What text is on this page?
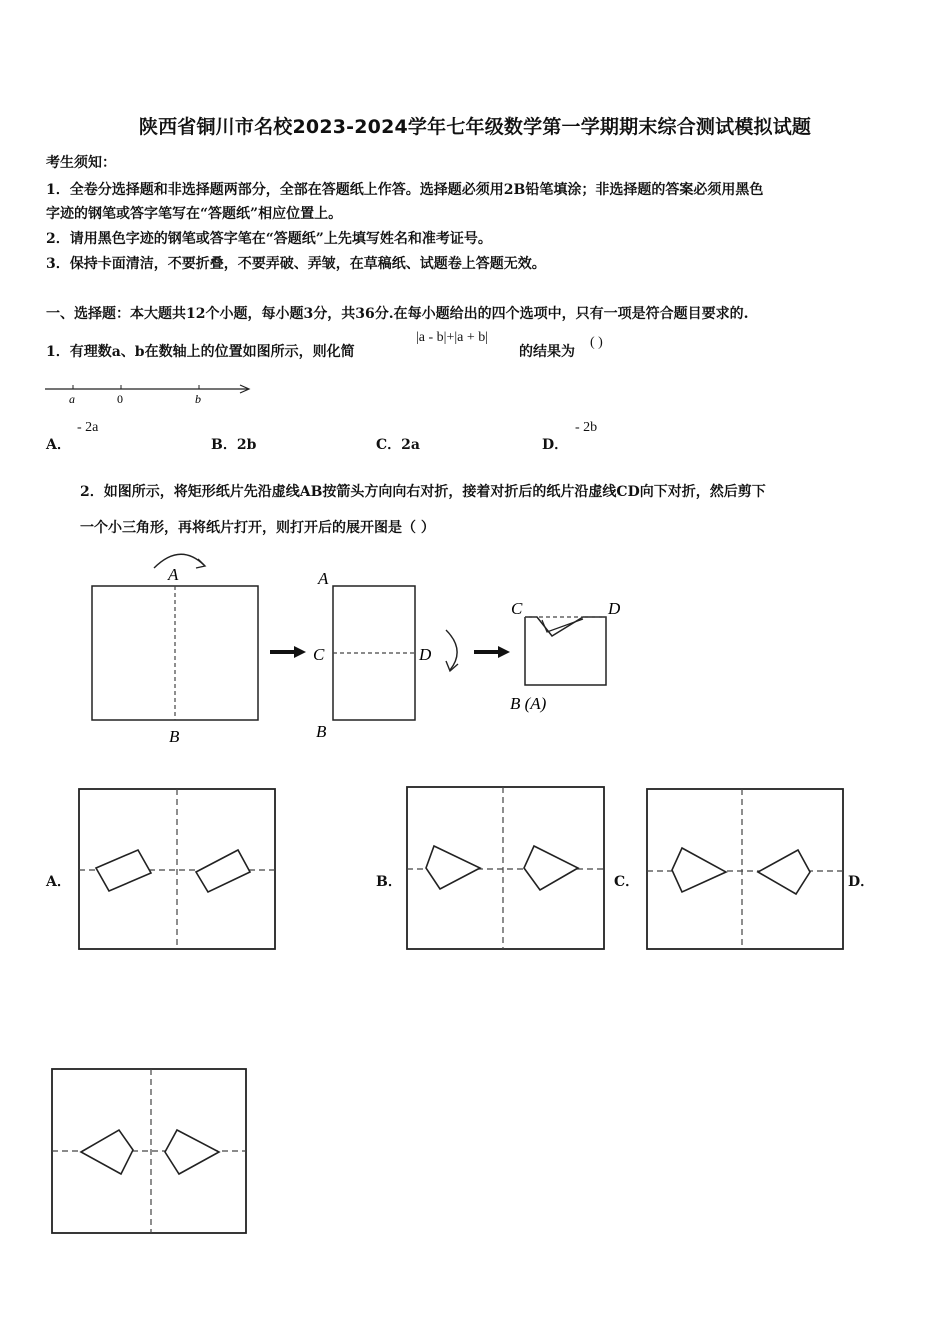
陕西省铜川市名校2023-2024学年七年级数学第一学期期末综合测试模拟试题
考生须知：
1．全卷分选择题和非选择题两部分，全部在答题纸上作答。选择题必须用2B铅笔填涂；非选择题的答案必须用黑色
字迹的钢笔或答字笔写在“答题纸”相应位置上。
2．请用黑色字迹的钢笔或答字笔在“答题纸”上先填写姓名和准考证号。
3．保持卡面清洁，不要折叠，不要弄破、弄皱，在草稿纸、试题卷上答题无效。
一、选择题：本大题共12个小题，每小题3分，共36分.在每小题给出的四个选项中，只有一项是符合题目要求的.
1．有理数a、b在数轴上的位置如图所示，则化简
|a - b|+|a + b|
的结果为
( )
a	0	b
A．
- 2a
B．2b	C．2a	D．
- 2b
2．如图所示，将矩形纸片先沿虚线AB按箭头方向向右对折，接着对折后的纸片沿虚线CD向下对折，然后剪下
一个小三角形，再将纸片打开，则打开后的展开图是（ ）
A
B
A
C	D
B
C	D
B (A)
A．	B．	C．	D．
